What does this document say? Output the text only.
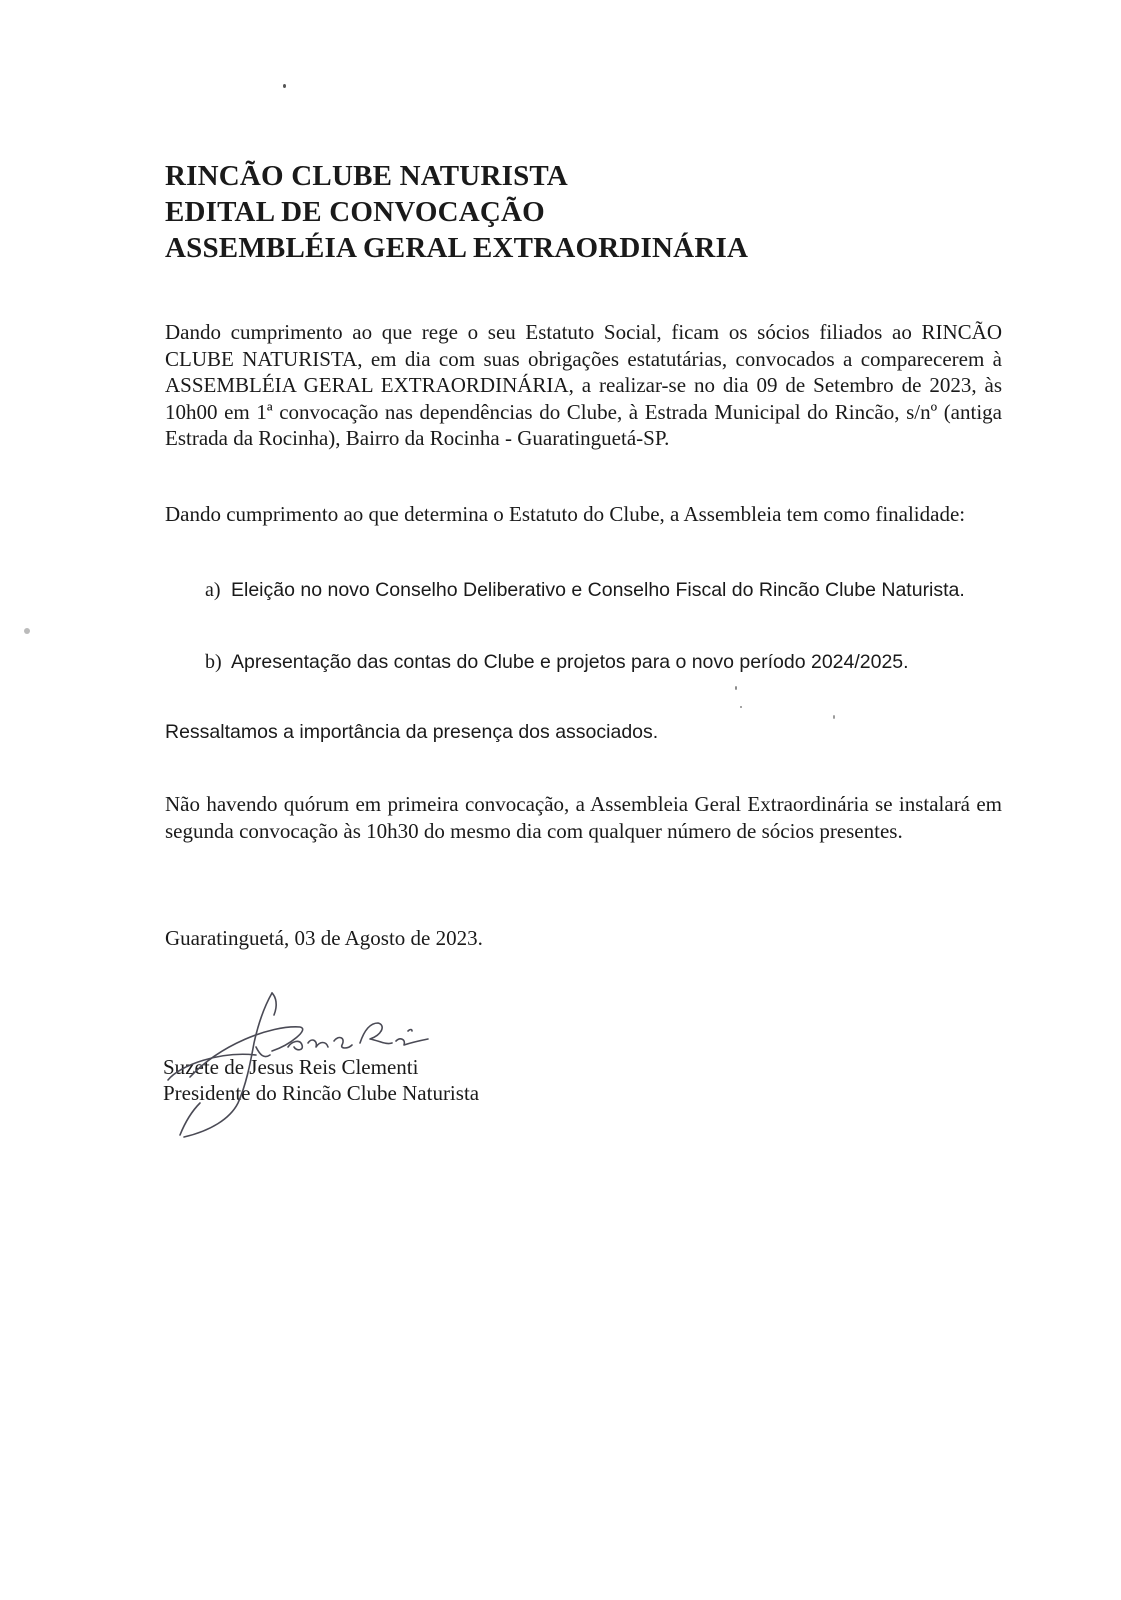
RINCÃO CLUBE NATURISTA

EDITAL DE CONVOCAÇÃO

ASSEMBLÉIA GERAL EXTRAORDINÁRIA

Dando cumprimento ao que rege o seu Estatuto Social, ficam os sócios filiados ao RINCÃO CLUBE NATURISTA, em dia com suas obrigações estatutárias, convocados a comparecerem à ASSEMBLÉIA GERAL EXTRAORDINÁRIA, a realizar-se no dia 09 de Setembro de 2023, às 10h00 em 1ª convocação nas dependências do Clube, à Estrada Municipal do Rincão, s/nº (antiga Estrada da Rocinha), Bairro da Rocinha - Guaratinguetá-SP.

Dando cumprimento ao que determina o Estatuto do Clube, a Assembleia tem como finalidade:

a) Eleição no novo Conselho Deliberativo e Conselho Fiscal do Rincão Clube Naturista.
b) Apresentação das contas do Clube e projetos para o novo período 2024/2025.

Ressaltamos a importância da presença dos associados.

Não havendo quórum em primeira convocação, a Assembleia Geral Extraordinária se instalará em segunda convocação às 10h30 do mesmo dia com qualquer número de sócios presentes.

Guaratinguetá, 03 de Agosto de 2023.

Suzete de Jesus Reis Clementi
Presidente do Rincão Clube Naturista
